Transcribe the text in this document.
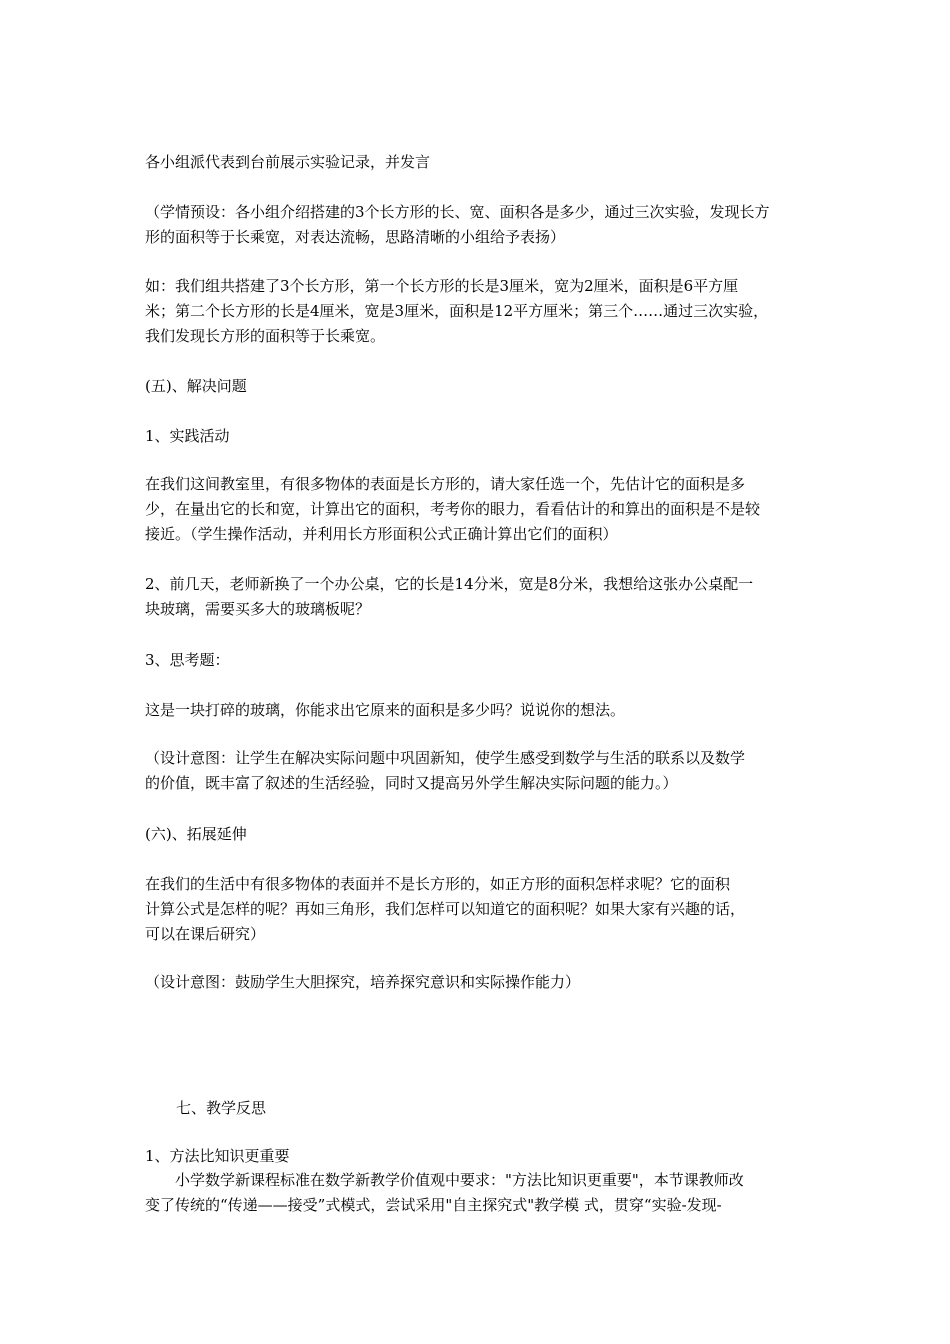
各小组派代表到台前展示实验记录，并发言

（学情预设：各小组介绍搭建的3个长方形的长、宽、面积各是多少，通过三次实验，发现长方
形的面积等于长乘宽，对表达流畅，思路清晰的小组给予表扬）

如：我们组共搭建了3个长方形，第一个长方形的长是3厘米，宽为2厘米，面积是6平方厘
米；第二个长方形的长是4厘米，宽是3厘米，面积是12平方厘米；第三个……通过三次实验，
我们发现长方形的面积等于长乘宽。

(五)、解决问题

1、实践活动

在我们这间教室里，有很多物体的表面是长方形的，请大家任选一个，先估计它的面积是多
少，在量出它的长和宽，计算出它的面积，考考你的眼力，看看估计的和算出的面积是不是较
接近。（学生操作活动，并利用长方形面积公式正确计算出它们的面积）

2、前几天，老师新换了一个办公桌，它的长是14分米，宽是8分米，我想给这张办公桌配一
块玻璃，需要买多大的玻璃板呢？

3、思考题：

这是一块打碎的玻璃，你能求出它原来的面积是多少吗？说说你的想法。

（设计意图：让学生在解决实际问题中巩固新知，使学生感受到数学与生活的联系以及数学
的价值，既丰富了叙述的生活经验，同时又提高另外学生解决实际问题的能力。）

(六)、拓展延伸

在我们的生活中有很多物体的表面并不是长方形的，如正方形的面积怎样求呢？它的面积
计算公式是怎样的呢？再如三角形，我们怎样可以知道它的面积呢？如果大家有兴趣的话，
可以在课后研究）

（设计意图：鼓励学生大胆探究，培养探究意识和实际操作能力）

七、教学反思

1、方法比知识更重要

小学数学新课程标准在数学新教学价值观中要求："方法比知识更重要"，本节课教师改
变了传统的“传递——接受”式模式，尝试采用"自主探究式"教学模 式，贯穿“实验-发现-
